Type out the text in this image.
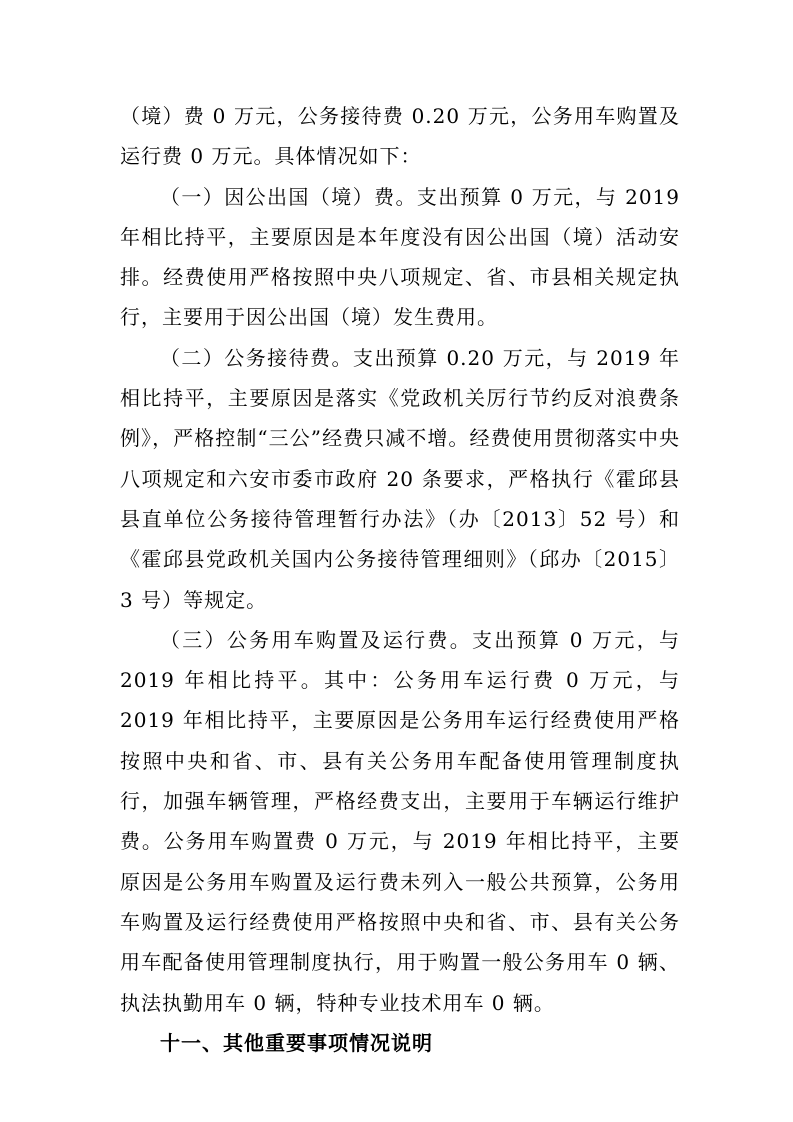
（境）费 0 万元，公务接待费 0.20 万元，公务用车购置及运行费 0 万元。具体情况如下：

（一）因公出国（境）费。支出预算 0 万元，与 2019 年相比持平，主要原因是本年度没有因公出国（境）活动安排。经费使用严格按照中央八项规定、省、市县相关规定执行，主要用于因公出国（境）发生费用。

（二）公务接待费。支出预算 0.20 万元，与 2019 年相比持平，主要原因是落实《党政机关厉行节约反对浪费条例》，严格控制“三公”经费只减不增。经费使用贯彻落实中央八项规定和六安市委市政府 20 条要求，严格执行《霍邱县县直单位公务接待管理暂行办法》（办〔2013〕52 号）和《霍邱县党政机关国内公务接待管理细则》（邱办〔2015〕3 号）等规定。

（三）公务用车购置及运行费。支出预算 0 万元，与 2019 年相比持平。其中：公务用车运行费 0 万元，与 2019 年相比持平，主要原因是公务用车运行经费使用严格按照中央和省、市、县有关公务用车配备使用管理制度执行，加强车辆管理，严格经费支出，主要用于车辆运行维护费。公务用车购置费 0 万元，与 2019 年相比持平，主要原因是公务用车购置及运行费未列入一般公共预算，公务用车购置及运行经费使用严格按照中央和省、市、县有关公务用车配备使用管理制度执行，用于购置一般公务用车 0 辆、执法执勤用车 0 辆，特种专业技术用车 0 辆。

十一、其他重要事项情况说明
